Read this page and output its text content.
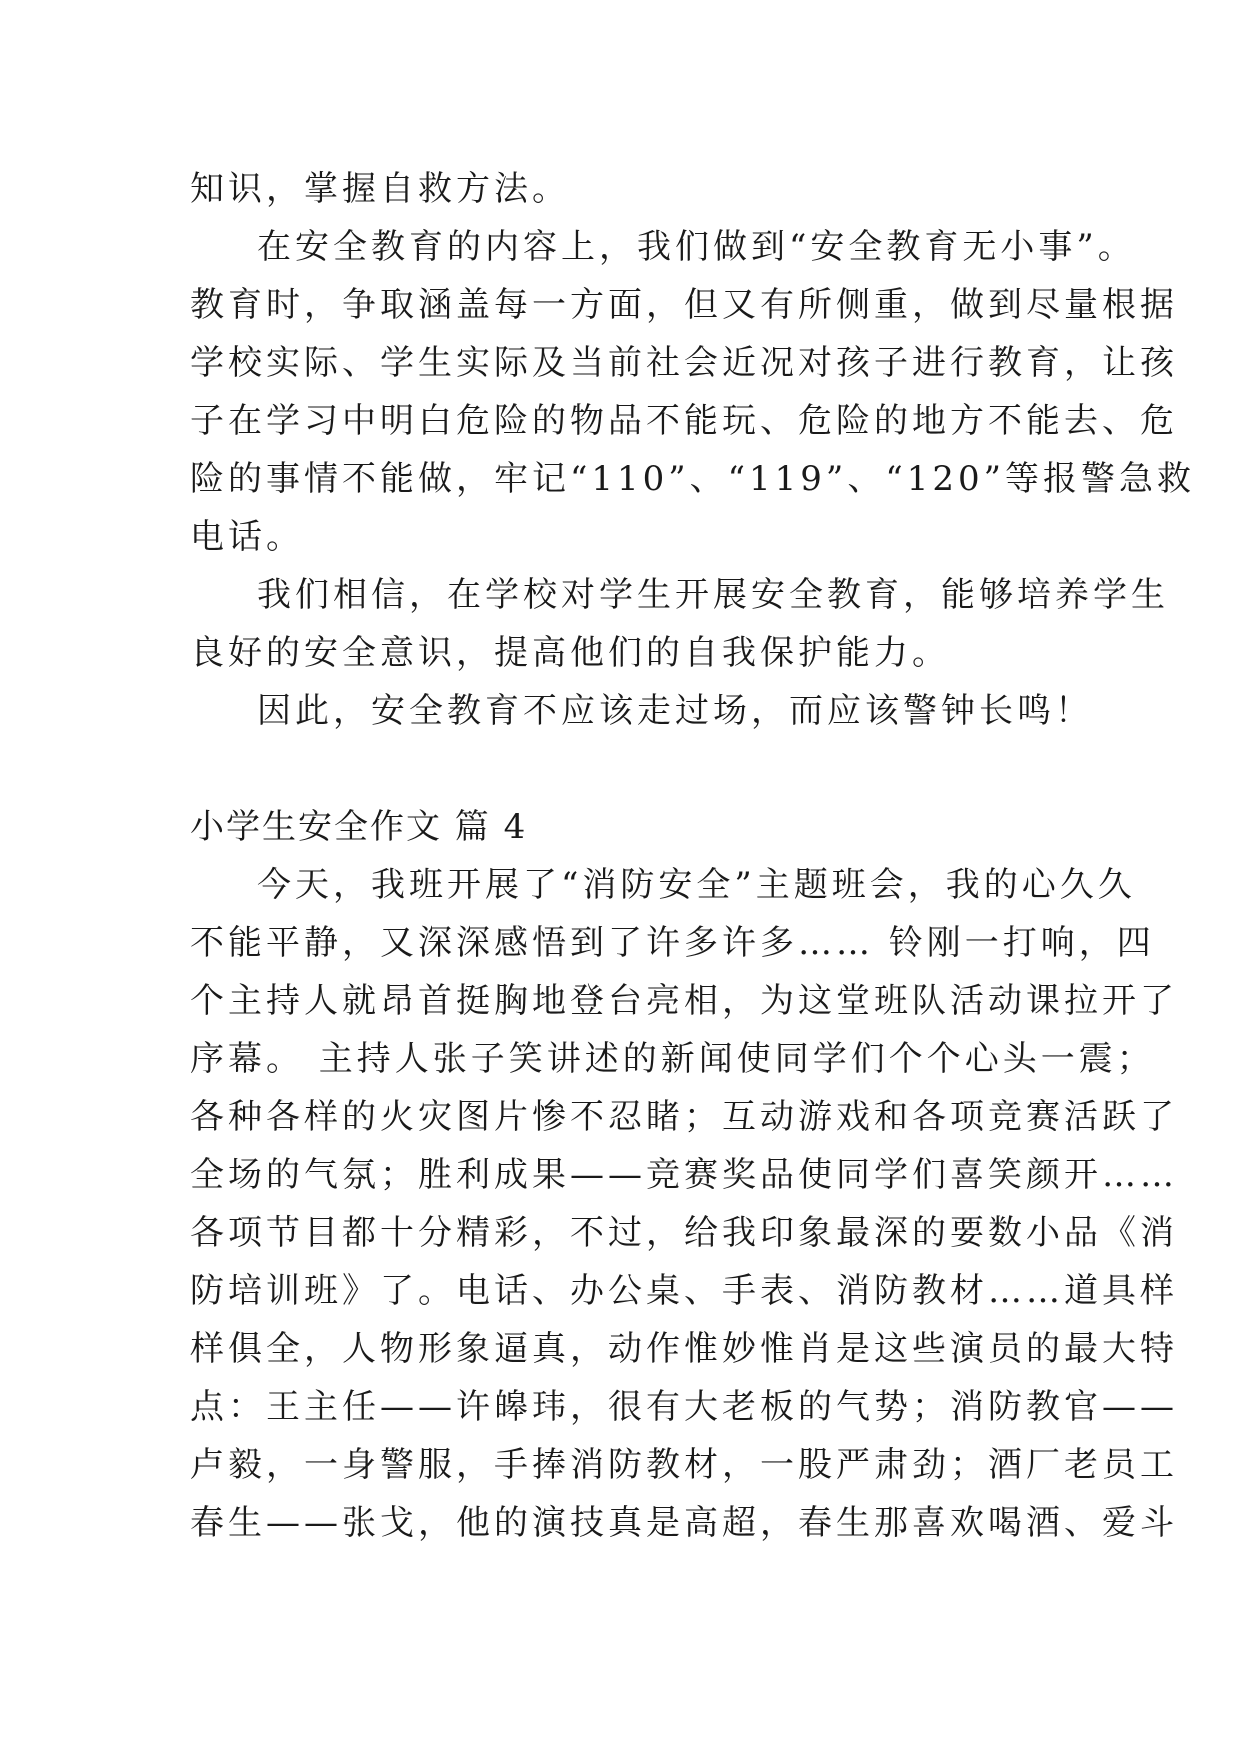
知识，掌握自救方法。
在安全教育的内容上，我们做到“安全教育无小事”。
教育时，争取涵盖每一方面，但又有所侧重，做到尽量根据
学校实际、学生实际及当前社会近况对孩子进行教育，让孩
子在学习中明白危险的物品不能玩、危险的地方不能去、危
险的事情不能做，牢记“110”、“119”、“120”等报警急救
电话。
我们相信，在学校对学生开展安全教育，能够培养学生
良好的安全意识，提高他们的自我保护能力。
因此，安全教育不应该走过场，而应该警钟长鸣！
小学生安全作文 篇 4
今天，我班开展了“消防安全”主题班会，我的心久久
不能平静，又深深感悟到了许多许多…… 铃刚一打响，四
个主持人就昂首挺胸地登台亮相，为这堂班队活动课拉开了
序幕。 主持人张子笑讲述的新闻使同学们个个心头一震；
各种各样的火灾图片惨不忍睹；互动游戏和各项竞赛活跃了
全场的气氛；胜利成果——竞赛奖品使同学们喜笑颜开……
各项节目都十分精彩，不过，给我印象最深的要数小品《消
防培训班》了。电话、办公桌、手表、消防教材……道具样
样俱全，人物形象逼真，动作惟妙惟肖是这些演员的最大特
点：王主任——许皞玮，很有大老板的气势；消防教官——
卢毅，一身警服，手捧消防教材，一股严肃劲；酒厂老员工
春生——张戈，他的演技真是高超，春生那喜欢喝酒、爱斗
